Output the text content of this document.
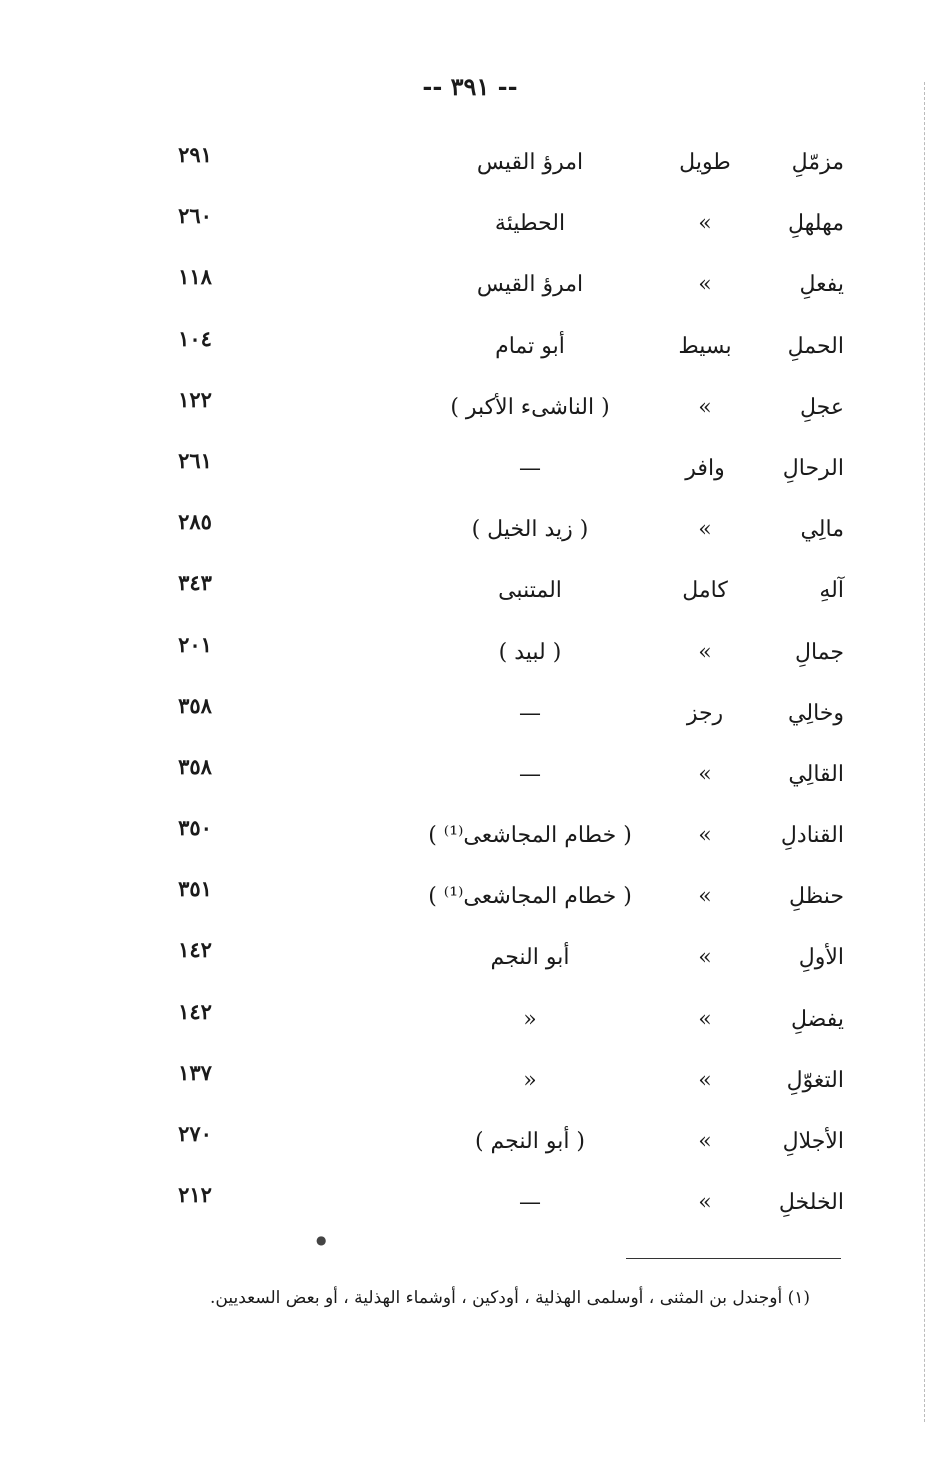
-- ٣٩١ --
مزمّلِ
طويل
امرؤ القيس
٢٩١
مهلهلِ
«
الحطيئة
٢٦٠
يفعلِ
«
امرؤ القيس
١١٨
الحملِ
بسيط
أبو تمام
١٠٤
عجلِ
«
( الناشىء الأكبر )
١٢٢
الرحالِ
وافر
—
٢٦١
مالِي
«
( زيد الخيل )
٢٨٥
آلهِ
كامل
المتنبى
٣٤٣
جمالِ
«
( لبيد )
٢٠١
وخالِي
رجز
—
٣٥٨
القالِي
«
—
٣٥٨
القنادلِ
«
( خطام المجاشعى⁽¹⁾ )
٣٥٠
حنظلِ
«
( خطام المجاشعى⁽¹⁾ )
٣٥١
الأولِ
«
أبو النجم
١٤٢
يفضلِ
«
«
١٤٢
التغوّلِ
«
«
١٣٧
الأجلالِ
«
( أبو النجم )
٢٧٠
الخلخلِ
«
—
٢١٢
●
(١) أوجندل بن المثنى ، أوسلمى الهذلية ، أودكين ، أوشماء الهذلية ، أو بعض السعديين.
